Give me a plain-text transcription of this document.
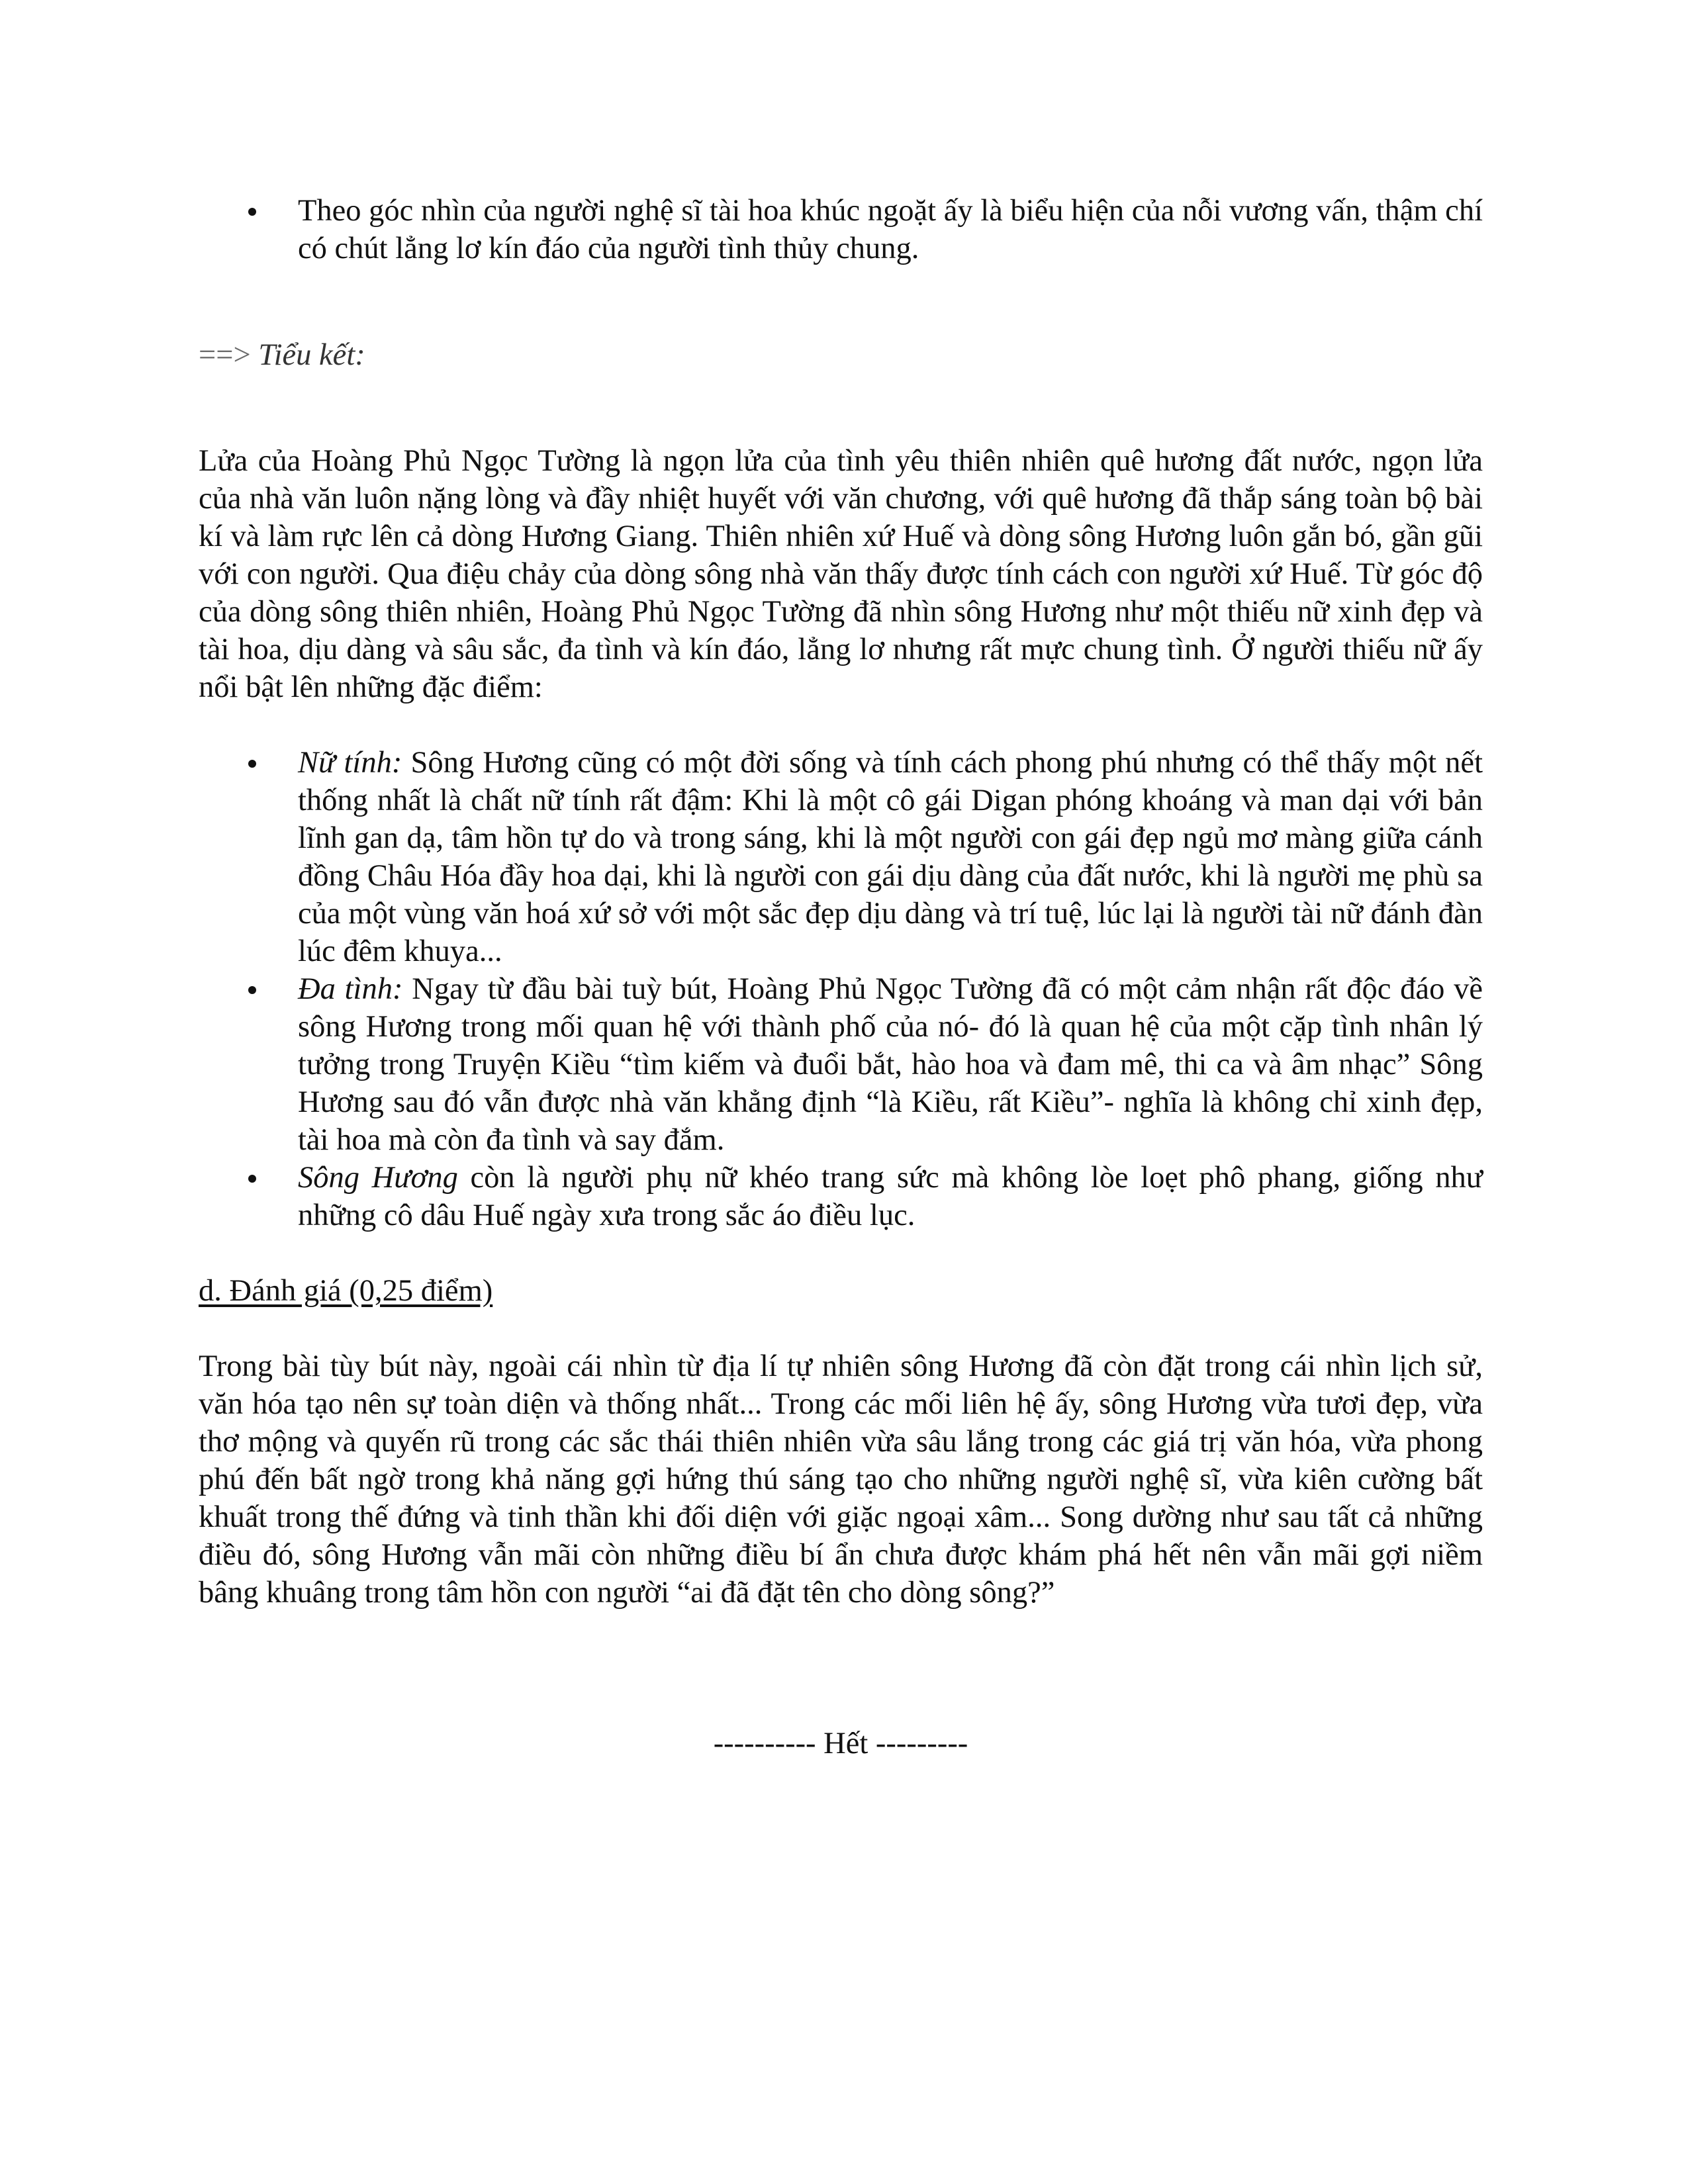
Theo góc nhìn của người nghệ sĩ tài hoa khúc ngoặt ấy là biểu hiện của nỗi vương vấn, thậm chí có chút lẳng lơ kín đáo của người tình thủy chung.

==> Tiểu kết:

Lửa của Hoàng Phủ Ngọc Tường là ngọn lửa của tình yêu thiên nhiên quê hương đất nước, ngọn lửa của nhà văn luôn nặng lòng và đầy nhiệt huyết với văn chương, với quê hương đã thắp sáng toàn bộ bài kí và làm rực lên cả dòng Hương Giang. Thiên nhiên xứ Huế và dòng sông Hương luôn gắn bó, gần gũi với con người. Qua điệu chảy của dòng sông nhà văn thấy được tính cách con người xứ Huế. Từ góc độ của dòng sông thiên nhiên, Hoàng Phủ Ngọc Tường đã nhìn sông Hương như một thiếu nữ xinh đẹp và tài hoa, dịu dàng và sâu sắc, đa tình và kín đáo, lẳng lơ nhưng rất mực chung tình. Ở người thiếu nữ ấy nổi bật lên những đặc điểm:

Nữ tính: Sông Hương cũng có một đời sống và tính cách phong phú nhưng có thể thấy một nết thống nhất là chất nữ tính rất đậm: Khi là một cô gái Digan phóng khoáng và man dại với bản lĩnh gan dạ, tâm hồn tự do và trong sáng, khi là một người con gái đẹp ngủ mơ màng giữa cánh đồng Châu Hóa đầy hoa dại, khi là người con gái dịu dàng của đất nước, khi là người mẹ phù sa của một vùng văn hoá xứ sở với một sắc đẹp dịu dàng và trí tuệ, lúc lại là người tài nữ đánh đàn lúc đêm khuya...
Đa tình: Ngay từ đầu bài tuỳ bút, Hoàng Phủ Ngọc Tường đã có một cảm nhận rất độc đáo về sông Hương trong mối quan hệ với thành phố của nó- đó là quan hệ của một cặp tình nhân lý tưởng trong Truyện Kiều “tìm kiếm và đuổi bắt, hào hoa và đam mê, thi ca và âm nhạc” Sông Hương sau đó vẫn được nhà văn khẳng định “là Kiều, rất Kiều”- nghĩa là không chỉ xinh đẹp, tài hoa mà còn đa tình và say đắm.
Sông Hương còn là người phụ nữ khéo trang sức mà không lòe loẹt phô phang, giống như những cô dâu Huế ngày xưa trong sắc áo điều lục.

d. Đánh giá (0,25 điểm)

Trong bài tùy bút này, ngoài cái nhìn từ địa lí tự nhiên sông Hương đã còn đặt trong cái nhìn lịch sử, văn hóa tạo nên sự toàn diện và thống nhất... Trong các mối liên hệ ấy, sông Hương vừa tươi đẹp, vừa thơ mộng và quyến rũ trong các sắc thái thiên nhiên vừa sâu lắng trong các giá trị văn hóa, vừa phong phú đến bất ngờ trong khả năng gợi hứng thú sáng tạo cho những người nghệ sĩ, vừa kiên cường bất khuất trong thế đứng và tinh thần khi đối diện với giặc ngoại xâm... Song dường như sau tất cả những điều đó, sông Hương vẫn mãi còn những điều bí ẩn chưa được khám phá hết nên vẫn mãi gợi niềm bâng khuâng trong tâm hồn con người “ai đã đặt tên cho dòng sông?”

---------- Hết ---------
